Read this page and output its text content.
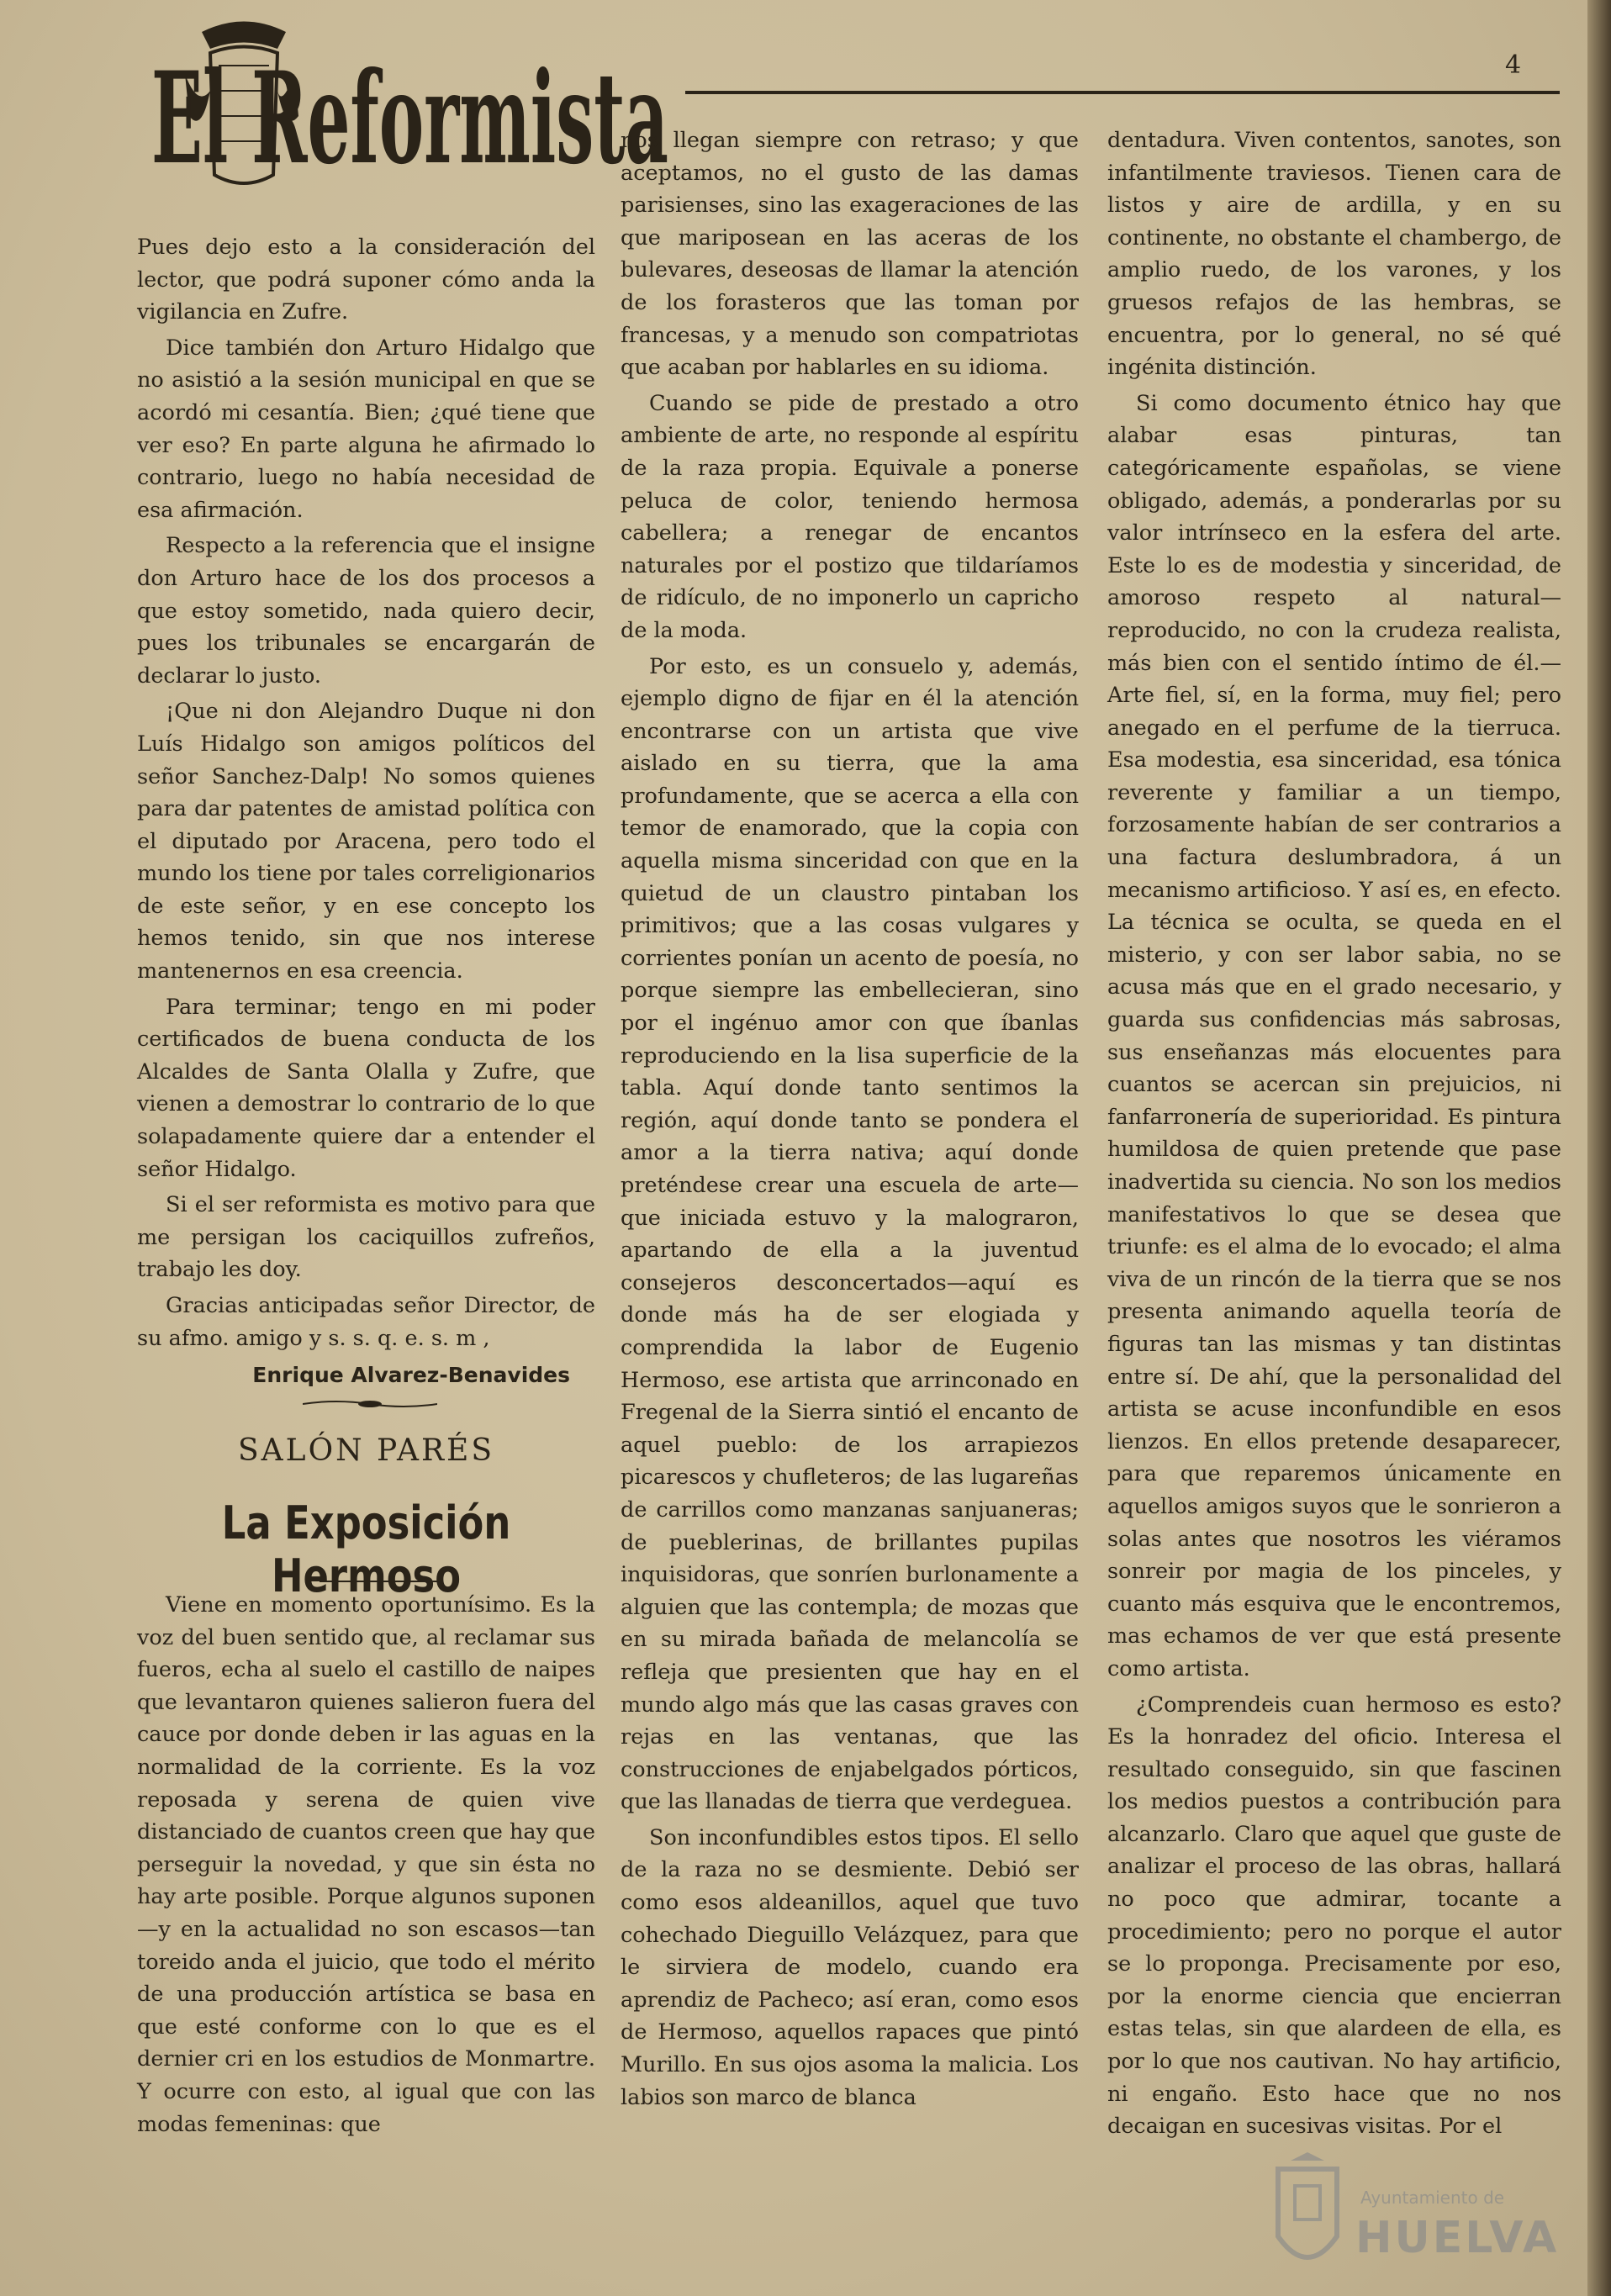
El Reformista	4

Pues dejo esto a la consideración del lector, que podrá suponer cómo anda la vigilancia en Zufre.

Dice también don Arturo Hidalgo que no asistió a la sesión municipal en que se acordó mi cesantía. Bien; ¿qué tiene que ver eso? En parte alguna he afirmado lo contrario, luego no había necesidad de esa afirmación.

Respecto a la referencia que el insigne don Arturo hace de los dos procesos a que estoy sometido, nada quiero decir, pues los tribunales se encargarán de declarar lo justo.

¡Que ni don Alejandro Duque ni don Luís Hidalgo son amigos políticos del señor Sanchez-Dalp! No somos quienes para dar patentes de amistad política con el diputado por Aracena, pero todo el mundo los tiene por tales correligionarios de este señor, y en ese concepto los hemos tenido, sin que nos interese mantenernos en esa creencia.

Para terminar; tengo en mi poder certificados de buena conducta de los Alcaldes de Santa Olalla y Zufre, que vienen a demostrar lo contrario de lo que solapadamente quiere dar a entender el señor Hidalgo.

Si el ser reformista es motivo para que me persigan los caciquillos zufreños, trabajo les doy.

Gracias anticipadas señor Director, de su afmo. amigo y s. s. q. e. s. m ,

Enrique Alvarez-Benavides
SALÓN PARÉS
La Exposición Hermoso

Viene en momento oportunísimo. Es la voz del buen sentido que, al reclamar sus fueros, echa al suelo el castillo de naipes que levantaron quienes salieron fuera del cauce por donde deben ir las aguas en la normalidad de la corriente. Es la voz reposada y serena de quien vive distanciado de cuantos creen que hay que perseguir la novedad, y que sin ésta no hay arte posible. Porque algunos suponen—y en la actualidad no son escasos—tan toreido anda el juicio, que todo el mérito de una producción artística se basa en que esté conforme con lo que es el dernier cri en los estudios de Monmartre. Y ocurre con esto, al igual que con las modas femeninas: que

nos llegan siempre con retraso; y que aceptamos, no el gusto de las damas parisienses, sino las exageraciones de las que mariposean en las aceras de los bulevares, deseosas de llamar la atención de los forasteros que las toman por francesas, y a menudo son compatriotas que acaban por hablarles en su idioma.

Cuando se pide de prestado a otro ambiente de arte, no responde al espíritu de la raza propia. Equivale a ponerse peluca de color, teniendo hermosa cabellera; a renegar de encantos naturales por el postizo que tildaríamos de ridículo, de no imponerlo un capricho de la moda.

Por esto, es un consuelo y, además, ejemplo digno de fijar en él la atención encontrarse con un artista que vive aislado en su tierra, que la ama profundamente, que se acerca a ella con temor de enamorado, que la copia con aquella misma sinceridad con que en la quietud de un claustro pintaban los primitivos; que a las cosas vulgares y corrientes ponían un acento de poesía, no porque siempre las embellecieran, sino por el ingénuo amor con que íbanlas reproduciendo en la lisa superficie de la tabla. Aquí donde tanto sentimos la región, aquí donde tanto se pondera el amor a la tierra nativa; aquí donde preténdese crear una escuela de arte—que iniciada estuvo y la malograron, apartando de ella a la juventud consejeros desconcertados—aquí es donde más ha de ser elogiada y comprendida la labor de Eugenio Hermoso, ese artista que arrinconado en Fregenal de la Sierra sintió el encanto de aquel pueblo: de los arrapiezos picarescos y chufleteros; de las lugareñas de carrillos como manzanas sanjuaneras; de pueblerinas, de brillantes pupilas inquisidoras, que sonríen burlonamente a alguien que las contempla; de mozas que en su mirada bañada de melancolía se refleja que presienten que hay en el mundo algo más que las casas graves con rejas en las ventanas, que las construcciones de enjabelgados pórticos, que las llanadas de tierra que verdeguea.

Son inconfundibles estos tipos. El sello de la raza no se desmiente. Debió ser como esos aldeanillos, aquel que tuvo cohechado Dieguillo Velázquez, para que le sirviera de modelo, cuando era aprendiz de Pacheco; así eran, como esos de Hermoso, aquellos rapaces que pintó Murillo. En sus ojos asoma la malicia. Los labios son marco de blanca

dentadura. Viven contentos, sanotes, son infantilmente traviesos. Tienen cara de listos y aire de ardilla, y en su continente, no obstante el chambergo, de amplio ruedo, de los varones, y los gruesos refajos de las hembras, se encuentra, por lo general, no sé qué ingénita distinción.

Si como documento étnico hay que alabar esas pinturas, tan categóricamente españolas, se viene obligado, además, a ponderarlas por su valor intrínseco en la esfera del arte. Este lo es de modestia y sinceridad, de amoroso respeto al natural—reproducido, no con la crudeza realista, más bien con el sentido íntimo de él.—Arte fiel, sí, en la forma, muy fiel; pero anegado en el perfume de la tierruca. Esa modestia, esa sinceridad, esa tónica reverente y familiar a un tiempo, forzosamente habían de ser contrarios a una factura deslumbradora, á un mecanismo artificioso. Y así es, en efecto. La técnica se oculta, se queda en el misterio, y con ser labor sabia, no se acusa más que en el grado necesario, y guarda sus confidencias más sabrosas, sus enseñanzas más elocuentes para cuantos se acercan sin prejuicios, ni fanfarronería de superioridad. Es pintura humildosa de quien pretende que pase inadvertida su ciencia. No son los medios manifestativos lo que se desea que triunfe: es el alma de lo evocado; el alma viva de un rincón de la tierra que se nos presenta animando aquella teoría de figuras tan las mismas y tan distintas entre sí. De ahí, que la personalidad del artista se acuse inconfundible en esos lienzos. En ellos pretende desaparecer, para que reparemos únicamente en aquellos amigos suyos que le sonrieron a solas antes que nosotros les viéramos sonreir por magia de los pinceles, y cuanto más esquiva que le encontremos, mas echamos de ver que está presente como artista.

¿Comprendeis cuan hermoso es esto? Es la honradez del oficio. Interesa el resultado conseguido, sin que fascinen los medios puestos a contribución para alcanzarlo. Claro que aquel que guste de analizar el proceso de las obras, hallará no poco que admirar, tocante a procedimiento; pero no porque el autor se lo proponga. Precisamente por eso, por la enorme ciencia que encierran estas telas, sin que alardeen de ella, es por lo que nos cautivan. No hay artificio, ni engaño. Esto hace que no nos decaigan en sucesivas visitas. Por el

Ayuntamiento de
HUELVA
